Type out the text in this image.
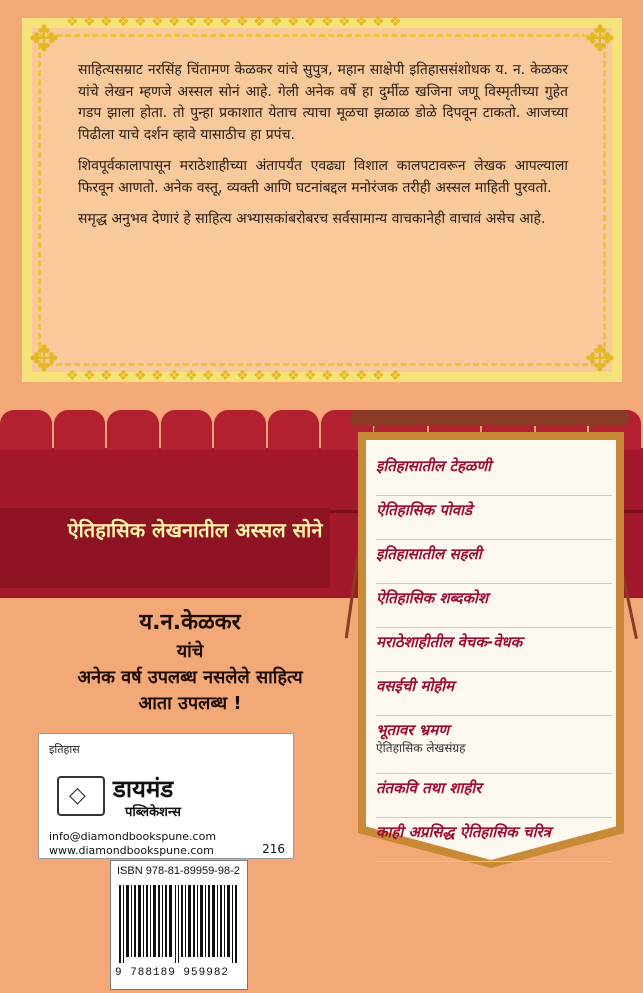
✥	✥
✥	✥
❖ ❖ ❖ ❖ ❖ ❖ ❖ ❖ ❖ ❖ ❖ ❖ ❖ ❖ ❖ ❖ ❖ ❖ ❖ ❖
❖ ❖ ❖ ❖ ❖ ❖ ❖ ❖ ❖ ❖ ❖ ❖ ❖ ❖ ❖ ❖ ❖ ❖ ❖ ❖

साहित्यसम्राट नरसिंह चिंतामण केळकर यांचे सुपुत्र, महान साक्षेपी इतिहाससंशोधक य. न. केळकर यांचे लेखन म्हणजे अस्सल सोनं आहे. गेली अनेक वर्षे हा दुर्मीळ खजिना जणू विस्मृतीच्या गुहेत गडप झाला होता. तो पुन्हा प्रकाशात येताच त्याचा मूळचा झळाळ डोळे दिपवून टाकतो. आजच्या पिढीला याचे दर्शन व्हावे यासाठीच हा प्रपंच.

शिवपूर्वकालापासून मराठेशाहीच्या अंतापर्यंत एवढ्या विशाल कालपटावरून लेखक आपल्याला फिरवून आणतो. अनेक वस्तू, व्यक्ती आणि घटनांबद्दल मनोरंजक तरीही अस्सल माहिती पुरवतो.

समृद्ध अनुभव देणारं हे साहित्य अभ्यासकांबरोबरच सर्वसामान्य वाचकानेही वाचावं असेच आहे.

ऐतिहासिक लेखनातील अस्सल सोने
इतिहासातील टेहळणी
ऐतिहासिक पोवाडे
इतिहासातील सहली
ऐतिहासिक शब्दकोश
मराठेशाहीतील वेचक-वेधक
वसईची मोहीम
भूतावर भ्रमण
ऐतिहासिक लेखसंग्रह
तंतकवि तथा शाहीर
काही अप्रसिद्ध ऐतिहासिक चरित्र
य.न.केळकर
यांचे
अनेक वर्ष उपलब्ध नसलेले साहित्य
आता उपलब्ध !
इतिहास
◇ डायमंड
पब्लिकेशन्स
info@diamondbookspune.com
www.diamondbookspune.com	216
ISBN 978-81-89959-98-2
9 788189 959982
